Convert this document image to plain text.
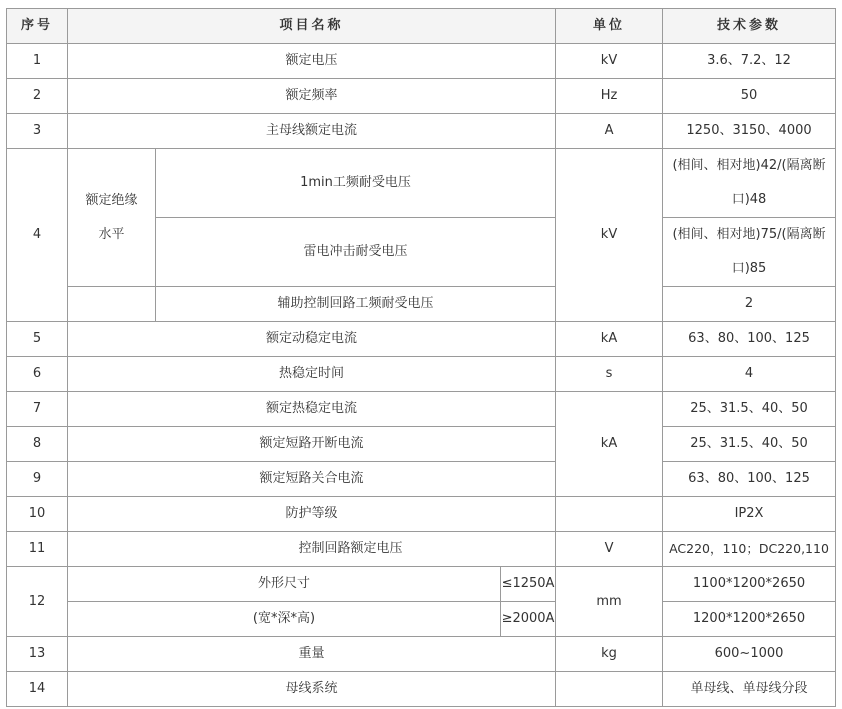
序号	项目名称			单位	技术参数
1	额定电压			kV	3.6、7.2、12
2	额定频率			Hz	50
3	主母线额定电流			A	1250、3150、4000
4	额定绝缘水平	1min工频耐受电压		kV	(相间、相对地)42/(隔离断口)48
		雷电冲击耐受电压			(相间、相对地)75/(隔离断口)85
		辅助控制回路工频耐受电压			2
5	额定动稳定电流			kA	63、80、100、125
6	热稳定时间			s	4
7	额定热稳定电流			kA	25、31.5、40、50
8	额定短路开断电流				25、31.5、40、50
9	额定短路关合电流				63、80、100、125
10	防护等级				IP2X
11	控制回路额定电压			V	AC220，110；DC220,110
12	外形尺寸		≤1250A	mm	1100*1200*2650
	(宽*深*高)		≥2000A		1200*1200*2650
13	重量			kg	600~1000
14	母线系统				单母线、单母线分段
